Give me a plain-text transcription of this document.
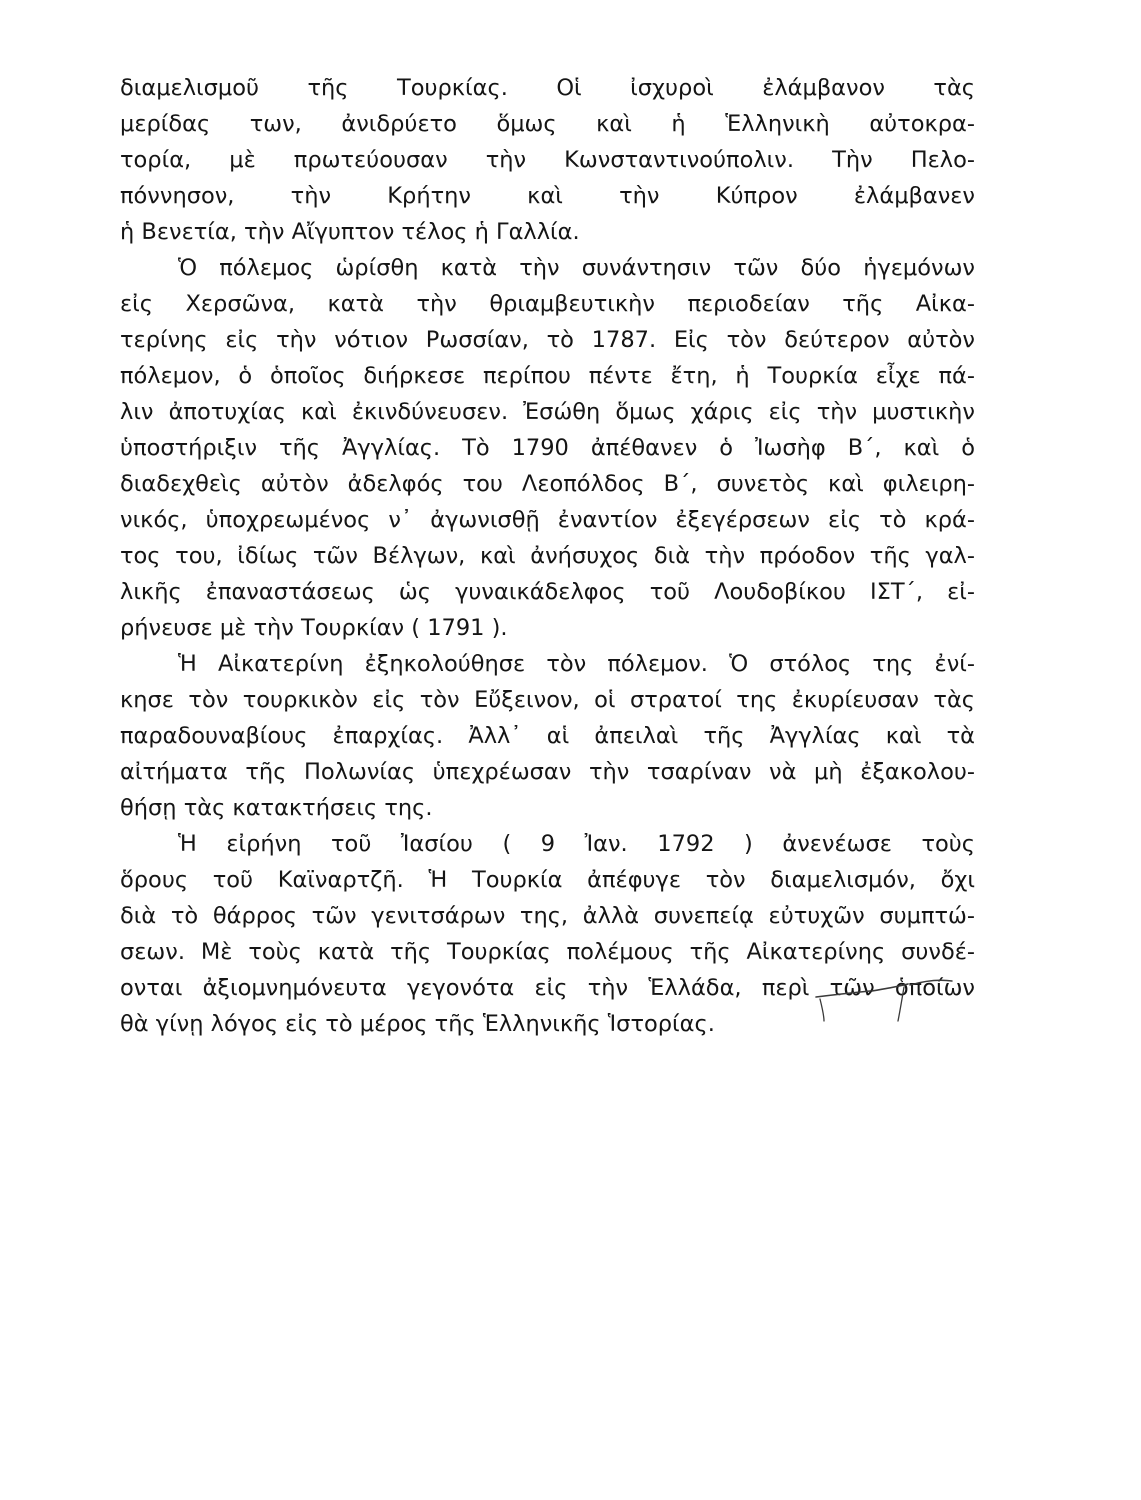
διαμελισμοῦ τῆς Τουρκίας. Οἱ ἰσχυροὶ ἐλάμβανον τὰς
μερίδας των, ἀνιδρύετο ὅμως καὶ ἡ Ἑλληνικὴ αὐτοκρα-
τορία, μὲ πρωτεύουσαν τὴν Κωνσταντινούπολιν. Τὴν Πελο-
πόννησον, τὴν Κρήτην καὶ τὴν Κύπρον ἐλάμβανεν
ἡ Βενετία, τὴν Αἴγυπτον τέλος ἡ Γαλλία.
Ὁ πόλεμος ὡρίσθη κατὰ τὴν συνάντησιν τῶν δύο ἡγεμόνων
εἰς Χερσῶνα, κατὰ τὴν θριαμβευτικὴν περιοδείαν τῆς Αἰκα-
τερίνης εἰς τὴν νότιον Ρωσσίαν, τὸ 1787. Εἰς τὸν δεύτερον αὐτὸν
πόλεμον, ὁ ὁποῖος διήρκεσε περίπου πέντε ἔτη, ἡ Τουρκία εἶχε πά-
λιν ἀποτυχίας καὶ ἐκινδύνευσεν. Ἐσώθη ὅμως χάρις εἰς τὴν μυστικὴν
ὑποστήριξιν τῆς Ἀγγλίας. Τὸ 1790 ἀπέθανεν ὁ Ἰωσὴφ Β΄, καὶ ὁ
διαδεχθεὶς αὐτὸν ἀδελφός του Λεοπόλδος Β΄, συνετὸς καὶ φιλειρη-
νικός, ὑποχρεωμένος ν᾽ ἀγωνισθῇ ἐναντίον ἐξεγέρσεων εἰς τὸ κρά-
τος του, ἰδίως τῶν Βέλγων, καὶ ἀνήσυχος διὰ τὴν πρόοδον τῆς γαλ-
λικῆς ἐπαναστάσεως ὡς γυναικάδελφος τοῦ Λουδοβίκου ΙΣΤ΄, εἰ-
ρήνευσε μὲ τὴν Τουρκίαν ( 1791 ).
Ἡ Αἰκατερίνη ἐξηκολούθησε τὸν πόλεμον. Ὁ στόλος της ἐνί-
κησε τὸν τουρκικὸν εἰς τὸν Εὔξεινον, οἱ στρατοί της ἐκυρίευσαν τὰς
παραδουναβίους ἐπαρχίας. Ἀλλ᾽ αἱ ἀπειλαὶ τῆς Ἀγγλίας καὶ τὰ
αἰτήματα τῆς Πολωνίας ὑπεχρέωσαν τὴν τσαρίναν νὰ μὴ ἐξακολου-
θήσῃ τὰς κατακτήσεις της.
Ἡ εἰρήνη τοῦ Ἰασίου ( 9 Ἰαν. 1792 ) ἀνενέωσε τοὺς
ὅρους τοῦ Καϊναρτζῆ. Ἡ Τουρκία ἀπέφυγε τὸν διαμελισμόν, ὄχι
διὰ τὸ θάρρος τῶν γενιτσάρων της, ἀλλὰ συνεπείᾳ εὐτυχῶν συμπτώ-
σεων. Μὲ τοὺς κατὰ τῆς Τουρκίας πολέμους τῆς Αἰκατερίνης συνδέ-
ονται ἀξιομνημόνευτα γεγονότα εἰς τὴν Ἑλλάδα, περὶ τῶν ὁποίων
θὰ γίνῃ λόγος εἰς τὸ μέρος τῆς Ἑλληνικῆς Ἱστορίας.
